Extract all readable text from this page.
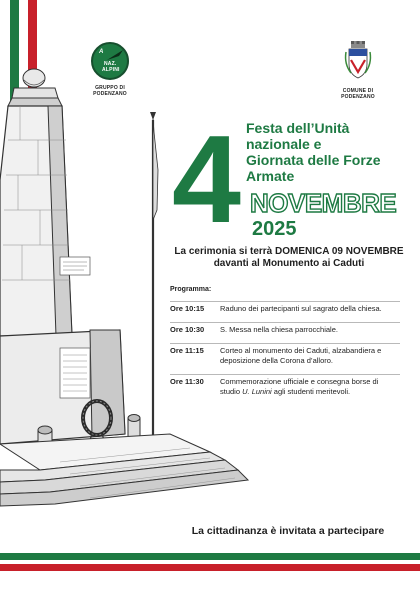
A
NAZ.
ALPINI
GRUPPO DI
PODENZANO	COMUNE DI
PODENZANO
4 Festa dell’Unità
nazionale e
Giornata delle Forze
Armate
NOVEMBRE
2025
La cerimonia si terrà DOMENICA 09 NOVEMBRE
davanti al Monumento ai Caduti
Programma:
Ore 10:15	Raduno dei partecipanti sul sagrato della chiesa.
Ore 10:30	S. Messa nella chiesa parrocchiale.
Ore 11:15	Corteo al monumento dei Caduti, alzabandiera e deposizione della Corona d’alloro.
Ore 11:30	Commemorazione ufficiale e consegna borse di studio U. Lunini agli studenti meritevoli.
La cittadinanza è invitata a partecipare
